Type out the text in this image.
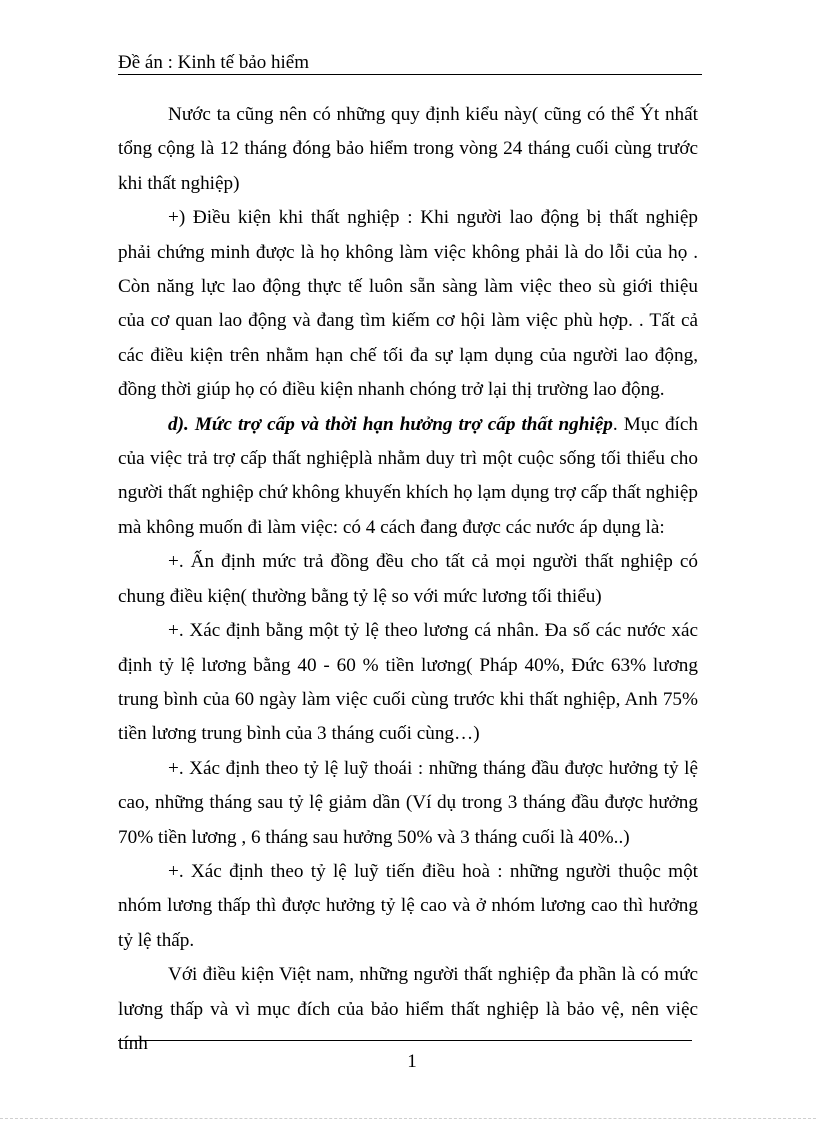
Đề án : Kinh tế bảo hiểm

Nước ta cũng nên có những quy định kiểu này( cũng có thể Ýt nhất tổng cộng là 12 tháng đóng bảo hiểm trong vòng 24 tháng cuối cùng trước khi thất nghiệp)

+) Điều kiện khi thất nghiệp : Khi người lao động bị thất nghiệp phải chứng minh được là họ không làm việc không phải là do lỗi của họ . Còn năng lực lao động thực tế luôn sẵn sàng làm việc theo sù giới thiệu của cơ quan lao động và đang tìm kiếm cơ hội làm việc phù hợp. . Tất cả các điều kiện trên nhằm hạn chế tối đa sự lạm dụng của người lao động, đồng thời giúp họ có điều kiện nhanh chóng trở lại thị trường lao động.

d). Mức trợ cấp và thời hạn hưởng trợ cấp thất nghiệp. Mục đích của việc trả trợ cấp thất nghiệplà nhằm duy trì một cuộc sống tối thiểu cho người thất nghiệp chứ không khuyến khích họ lạm dụng trợ cấp thất nghiệp mà không muốn đi làm việc: có 4 cách đang được các nước áp dụng là:

+. Ấn định mức trả đồng đều cho tất cả mọi người thất nghiệp có chung điều kiện( thường bằng tỷ lệ so với mức lương tối thiểu)

+. Xác định bằng một tỷ lệ theo lương cá nhân. Đa số các nước xác định tỷ lệ lương bằng 40 - 60 % tiền lương( Pháp 40%, Đức 63% lương trung bình của 60 ngày làm việc cuối cùng trước khi thất nghiệp, Anh 75% tiền lương trung bình của 3 tháng cuối cùng…)

+. Xác định theo tỷ lệ luỹ thoái : những tháng đầu được hưởng tỷ lệ cao, những tháng sau tỷ lệ giảm dần (Ví dụ trong 3 tháng đầu được hưởng 70% tiền lương , 6 tháng sau hưởng 50% và 3 tháng cuối là 40%..)

+. Xác định theo tỷ lệ luỹ tiến điều hoà : những người thuộc một nhóm lương thấp thì được hưởng tỷ lệ cao và ở nhóm lương cao thì hưởng tỷ lệ thấp.

Với điều kiện Việt nam, những người thất nghiệp đa phần là có mức lương thấp và vì mục đích của bảo hiểm thất nghiệp là bảo vệ, nên việc tính

1
